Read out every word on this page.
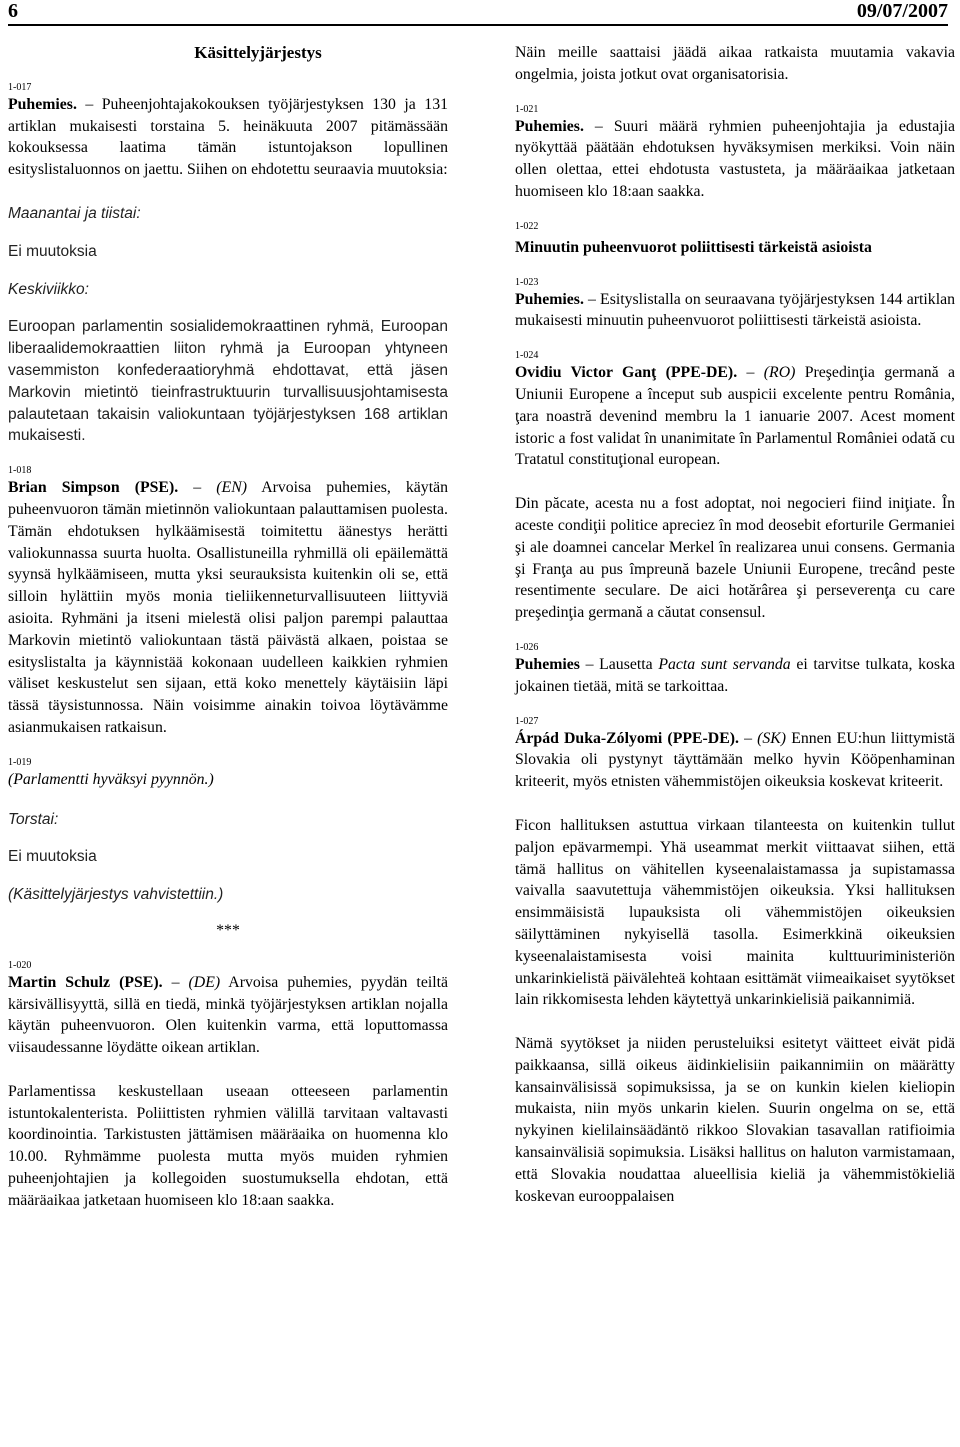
6	09/07/2007

Käsittelyjärjestys

1-017

Puhemies. – Puheenjohtajakokouksen työjärjestyksen 130 ja 131 artiklan mukaisesti torstaina 5. heinäkuuta 2007 pitämässään kokouksessa laatima tämän istuntojakson lopullinen esityslistaluonnos on jaettu. Siihen on ehdotettu seuraavia muutoksia:

Maanantai ja tiistai:

Ei muutoksia

Keskiviikko:

Euroopan parlamentin sosialidemokraattinen ryhmä, Euroopan liberaalidemokraattien liiton ryhmä ja Euroopan yhtyneen vasemmiston konfederaatioryhmä ehdottavat, että jäsen Markovin mietintö tieinfrastruktuurin turvallisuusjohtamisesta palautetaan takaisin valiokuntaan työjärjestyksen 168 artiklan mukaisesti.

1-018

Brian Simpson (PSE). – (EN) Arvoisa puhemies, käytän puheenvuoron tämän mietinnön valiokuntaan palauttamisen puolesta. Tämän ehdotuksen hylkäämisestä toimitettu äänestys herätti valiokunnassa suurta huolta. Osallistuneilla ryhmillä oli epäilemättä syynsä hylkäämiseen, mutta yksi seurauksista kuitenkin oli se, että silloin hylättiin myös monia tieliikenneturvallisuuteen liittyviä asioita. Ryhmäni ja itseni mielestä olisi paljon parempi palauttaa Markovin mietintö valiokuntaan tästä päivästä alkaen, poistaa se esityslistalta ja käynnistää kokonaan uudelleen kaikkien ryhmien väliset keskustelut sen sijaan, että koko menettely käytäisiin läpi tässä täysistunnossa. Näin voisimme ainakin toivoa löytävämme asianmukaisen ratkaisun.

1-019

(Parlamentti hyväksyi pyynnön.)

Torstai:

Ei muutoksia

(Käsittelyjärjestys vahvistettiin.)

***

1-020

Martin Schulz (PSE). – (DE) Arvoisa puhemies, pyydän teiltä kärsivällisyyttä, sillä en tiedä, minkä työjärjestyksen artiklan nojalla käytän puheenvuoron. Olen kuitenkin varma, että loputtomassa viisaudessanne löydätte oikean artiklan.

Parlamentissa keskustellaan useaan otteeseen parlamentin istuntokalenterista. Poliittisten ryhmien välillä tarvitaan valtavasti koordinointia. Tarkistusten jättämisen määräaika on huomenna klo 10.00. Ryhmämme puolesta mutta myös muiden ryhmien puheenjohtajien ja kollegoiden suostumuksella ehdotan, että määräaikaa jatketaan huomiseen klo 18:aan saakka.

Näin meille saattaisi jäädä aikaa ratkaista muutamia vakavia ongelmia, joista jotkut ovat organisatorisia.

1-021

Puhemies. – Suuri määrä ryhmien puheenjohtajia ja edustajia nyökyttää päätään ehdotuksen hyväksymisen merkiksi. Voin näin ollen olettaa, ettei ehdotusta vastusteta, ja määräaikaa jatketaan huomiseen klo 18:aan saakka.

1-022

Minuutin puheenvuorot poliittisesti tärkeistä asioista

1-023

Puhemies. – Esityslistalla on seuraavana työjärjestyksen 144 artiklan mukaisesti minuutin puheenvuorot poliittisesti tärkeistä asioista.

1-024

Ovidiu Victor Ganţ (PPE-DE). – (RO) Preşedinţia germană a Uniunii Europene a început sub auspicii excelente pentru România, ţara noastră devenind membru la 1 ianuarie 2007. Acest moment istoric a fost validat în unanimitate în Parlamentul României odată cu Tratatul constituţional european.

Din păcate, acesta nu a fost adoptat, noi negocieri fiind iniţiate. În aceste condiţii politice apreciez în mod deosebit eforturile Germaniei şi ale doamnei cancelar Merkel în realizarea unui consens. Germania şi Franţa au pus împreună bazele Uniunii Europene, trecând peste resentimente seculare. De aici hotărârea şi perseverenţa cu care preşedinţia germană a căutat consensul.

1-026

Puhemies – Lausetta Pacta sunt servanda ei tarvitse tulkata, koska jokainen tietää, mitä se tarkoittaa.

1-027

Árpád Duka-Zólyomi (PPE-DE). – (SK) Ennen EU:hun liittymistä Slovakia oli pystynyt täyttämään melko hyvin Kööpenhaminan kriteerit, myös etnisten vähemmistöjen oikeuksia koskevat kriteerit.

Ficon hallituksen astuttua virkaan tilanteesta on kuitenkin tullut paljon epävarmempi. Yhä useammat merkit viittaavat siihen, että tämä hallitus on vähitellen kyseenalaistamassa ja supistamassa vaivalla saavutettuja vähemmistöjen oikeuksia. Yksi hallituksen ensimmäisistä lupauksista oli vähemmistöjen oikeuksien säilyttäminen nykyisellä tasolla. Esimerkkinä oikeuksien kyseenalaistamisesta voisi mainita kulttuuriministeriön unkarinkielistä päivälehteä kohtaan esittämät viimeaikaiset syytökset lain rikkomisesta lehden käytettyä unkarinkielisiä paikannimiä.

Nämä syytökset ja niiden perusteluiksi esitetyt väitteet eivät pidä paikkaansa, sillä oikeus äidinkielisiin paikannimiin on määrätty kansainvälisissä sopimuksissa, ja se on kunkin kielen kieliopin mukaista, niin myös unkarin kielen. Suurin ongelma on se, että nykyinen kielilainsäädäntö rikkoo Slovakian tasavallan ratifioimia kansainvälisiä sopimuksia. Lisäksi hallitus on haluton varmistamaan, että Slovakia noudattaa alueellisia kieliä ja vähemmistökieliä koskevan eurooppalaisen
